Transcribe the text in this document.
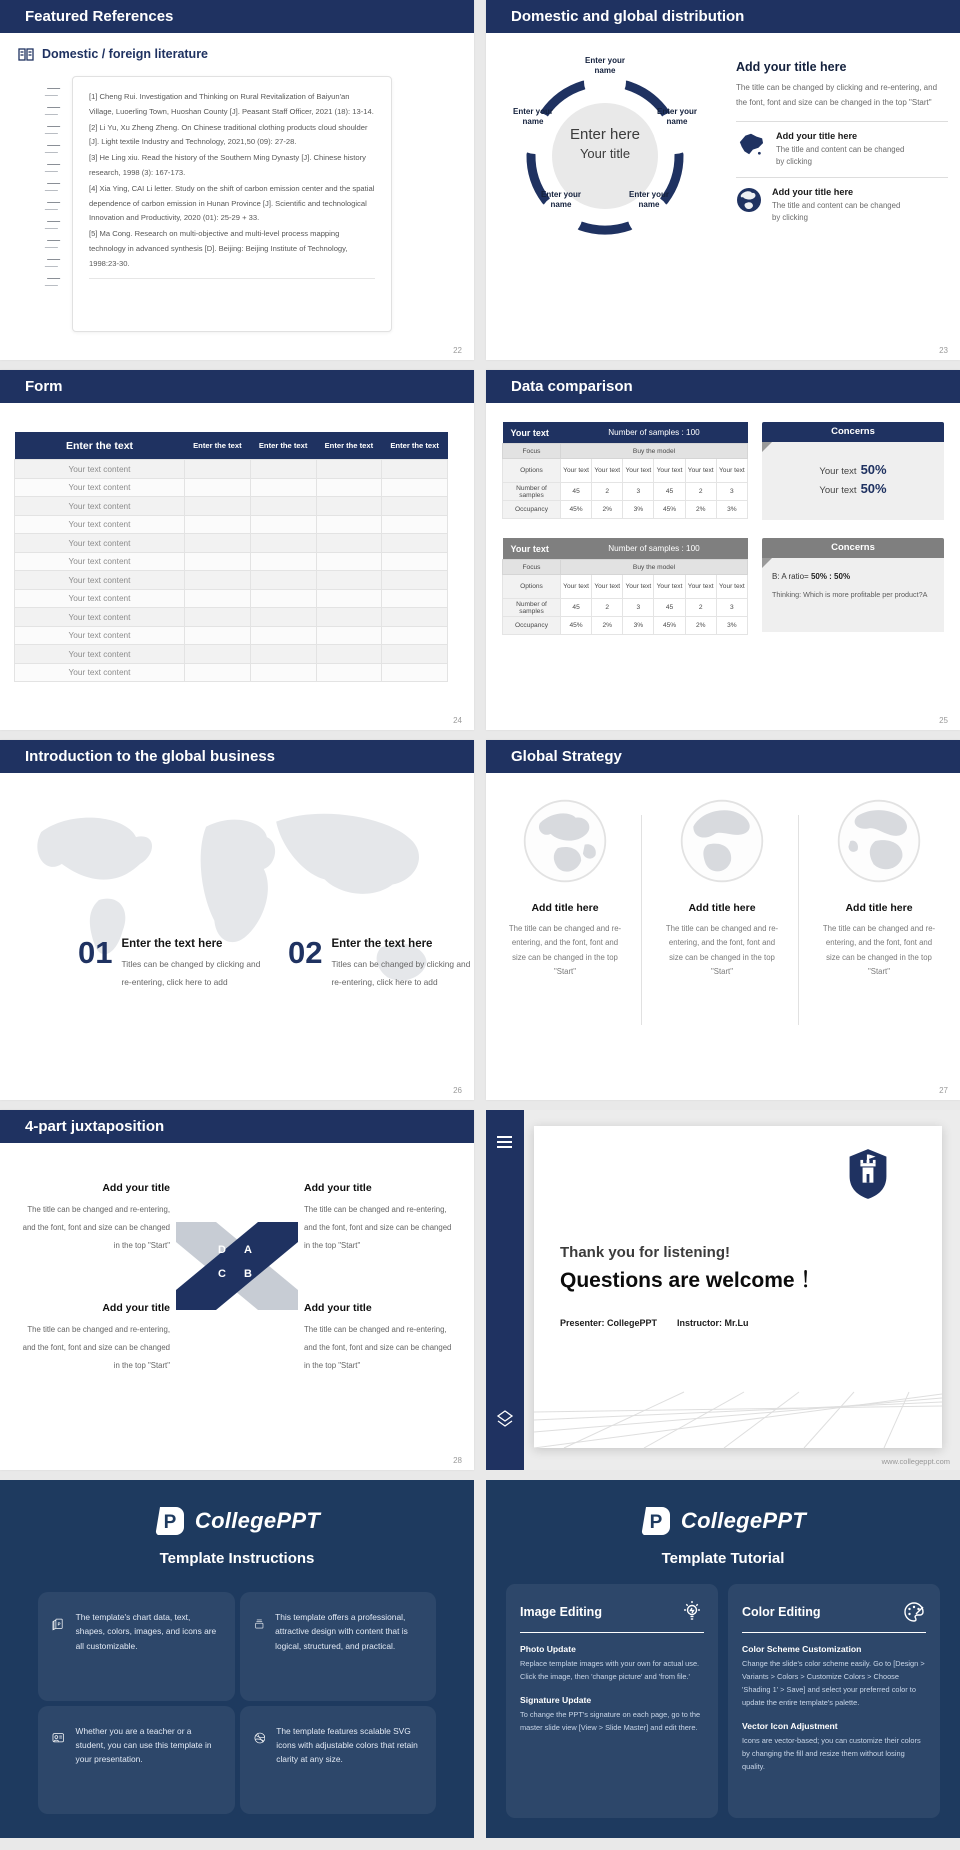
Featured References
Domestic / foreign literature

[1] Cheng Rui. Investigation and Thinking on Rural Revitalization of Baiyun'an Village, Luoerling Town, Huoshan County [J]. Peasant Staff Officer, 2021 (18): 13-14.

[2] Li Yu, Xu Zheng Zheng. On Chinese traditional clothing products cloud shoulder [J]. Light textile Industry and Technology, 2021,50 (09): 27-28.

[3] He Ling xiu. Read the history of the Southern Ming Dynasty [J]. Chinese history research, 1998 (3): 167-173.

[4] Xia Ying, CAI Li letter. Study on the shift of carbon emission center and the spatial dependence of carbon emission in Hunan Province [J]. Scientific and technological Innovation and Productivity, 2020 (01): 25-29 + 33.

[5] Ma Cong. Research on multi-objective and multi-level process mapping technology in advanced synthesis [D]. Beijing: Beijing Institute of Technology, 1998:23-30.

22
Domestic and global distribution
Enter your name
Enter your name
Enter your name
Enter your name
Enter your name
Enter here
Your title
Add your title here
The title can be changed by clicking and re-entering, and the font, font and size can be changed in the top "Start"
Add your title here
The title and content can be changed by clicking
Add your title here
The title and content can be changed by clicking
23
Form
Enter the text	Enter the text	Enter the text	Enter the text	Enter the text
Your text content				
Your text content				
Your text content				
Your text content				
Your text content				
Your text content				
Your text content				
Your text content				
Your text content				
Your text content				
Your text content				
Your text content				
24
Data comparison
Your text	Number of samples : 100					
Focus	Buy the model					
Options	Your text	Your text	Your text	Your text	Your text	Your text
Number of samples	45	2	3	45	2	3
Occupancy	45%	2%	3%	45%	2%	3%
Your text	Number of samples : 100					
Focus	Buy the model					
Options	Your text	Your text	Your text	Your text	Your text	Your text
Number of samples	45	2	3	45	2	3
Occupancy	45%	2%	3%	45%	2%	3%
Concerns
Your text 50%
Your text 50%
Concerns
B: A ratio= 50% : 50%
Thinking: Which is more profitable per product?A
25
Introduction to the global business
01 Enter the text here
Titles can be changed by clicking and re-entering, click here to add
02 Enter the text here
Titles can be changed by clicking and re-entering, click here to add
26
Global Strategy
Add title here
The title can be changed and re-entering, and the font, font and size can be changed in the top "Start"
Add title here
The title can be changed and re-entering, and the font, font and size can be changed in the top "Start"
Add title here
The title can be changed and re-entering, and the font, font and size can be changed in the top "Start"
27
4-part juxtaposition
Add your title
The title can be changed and re-entering, and the font, font and size can be changed in the top "Start"
Add your title
The title can be changed and re-entering, and the font, font and size can be changed in the top "Start"
Add your title
The title can be changed and re-entering, and the font, font and size can be changed in the top "Start"
Add your title
The title can be changed and re-entering, and the font, font and size can be changed in the top "Start"
D A
C B
28
Thank you for listening!
Questions are welcome ！
Presenter: CollegePPT Instructor: Mr.Lu
www.collegeppt.com
P CollegePPT
Template Instructions
P
The template's chart data, text, shapes, colors, images, and icons are all customizable.
This template offers a professional, attractive design with content that is logical, structured, and practical.
Whether you are a teacher or a student, you can use this template in your presentation.
The template features scalable SVG icons with adjustable colors that retain clarity at any size.
P CollegePPT
Template Tutorial
Image Editing
Photo Update
Replace template images with your own for actual use. Click the image, then 'change picture' and 'from file.'
Signature Update
To change the PPT's signature on each page, go to the master slide view [View > Slide Master] and edit there.
Color Editing
Color Scheme Customization
Change the slide's color scheme easily. Go to [Design > Variants > Colors > Customize Colors > Choose 'Shading 1' > Save] and select your preferred color to update the entire template's palette.
Vector Icon Adjustment
Icons are vector-based; you can customize their colors by changing the fill and resize them without losing quality.
